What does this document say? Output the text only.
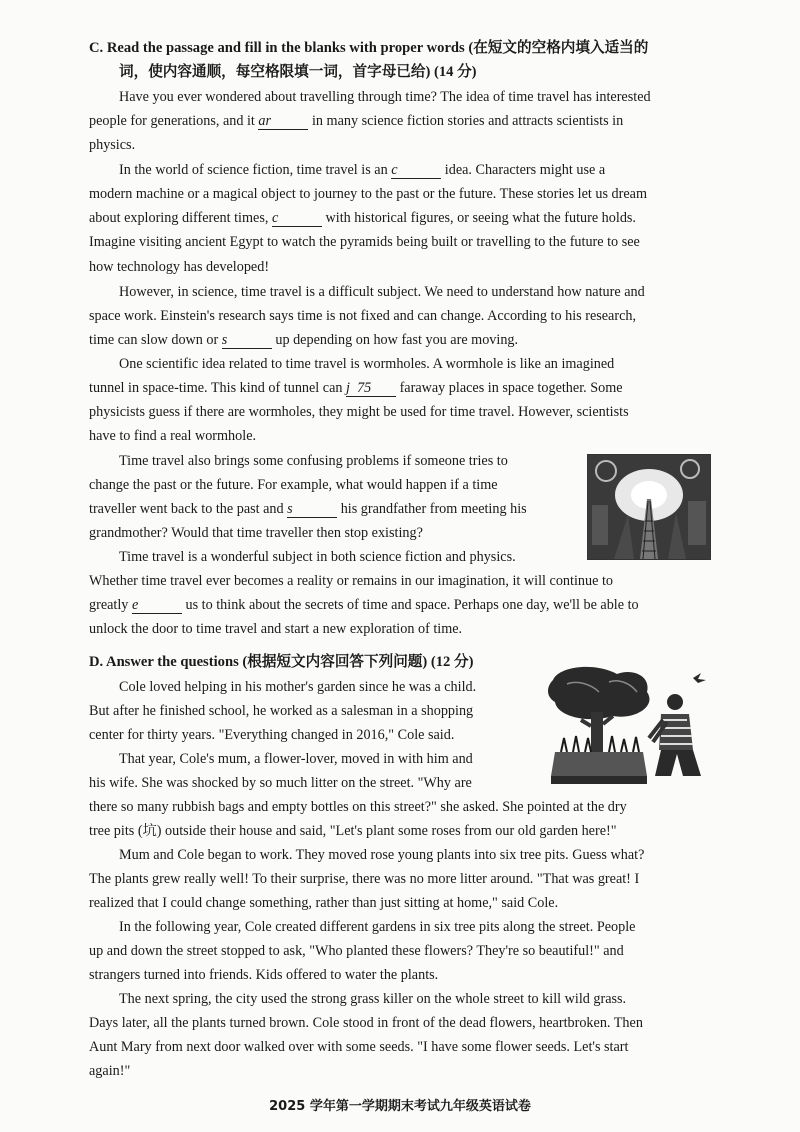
C. Read the passage and fill in the blanks with proper words (在短文的空格内填入适当的
词，使内容通顺，每空格限填一词，首字母已给) (14 分)
Have you ever wondered about travelling through time? The idea of time travel has interested
people for generations, and it ar	in many science fiction stories and attracts scientists in
physics.
In the world of science fiction, time travel is an c	idea. Characters might use a
modern machine or a magical object to journey to the past or the future. These stories let us dream
about exploring different times, c	with historical figures, or seeing what the future holds.
Imagine visiting ancient Egypt to watch the pyramids being built or travelling to the future to see
how technology has developed!
However, in science, time travel is a difficult subject. We need to understand how nature and
space work. Einstein's research says time is not fixed and can change. According to his research,
time can slow down or s	up depending on how fast you are moving.
One scientific idea related to time travel is wormholes. A wormhole is like an imagined
tunnel in space-time. This kind of tunnel can j 75 faraway places in space together. Some
physicists guess if there are wormholes, they might be used for time travel. However, scientists
have to find a real wormhole.
Time travel also brings some confusing problems if someone tries to
change the past or the future. For example, what would happen if a time
traveller went back to the past and s	his grandfather from meeting his
grandmother? Would that time traveller then stop existing?
Time travel is a wonderful subject in both science fiction and physics.
Whether time travel ever becomes a reality or remains in our imagination, it will continue to
greatly e	us to think about the secrets of time and space. Perhaps one day, we'll be able to
unlock the door to time travel and start a new exploration of time.
D. Answer the questions (根据短文内容回答下列问题) (12 分)
Cole loved helping in his mother's garden since he was a child.
But after he finished school, he worked as a salesman in a shopping
center for thirty years. "Everything changed in 2016," Cole said.
That year, Cole's mum, a flower-lover, moved in with him and
his wife. She was shocked by so much litter on the street. "Why are
there so many rubbish bags and empty bottles on this street?" she asked. She pointed at the dry
tree pits (坑) outside their house and said, "Let's plant some roses from our old garden here!"
Mum and Cole began to work. They moved rose young plants into six tree pits. Guess what?
The plants grew really well! To their surprise, there was no more litter around. "That was great! I
realized that I could change something, rather than just sitting at home," said Cole.
In the following year, Cole created different gardens in six tree pits along the street. People
up and down the street stopped to ask, "Who planted these flowers? They're so beautiful!" and
strangers turned into friends. Kids offered to water the plants.
The next spring, the city used the strong grass killer on the whole street to kill wild grass.
Days later, all the plants turned brown. Cole stood in front of the dead flowers, heartbroken. Then
Aunt Mary from next door walked over with some seeds. "I have some flower seeds. Let's start
again!"
2025 学年第一学期期末考试九年级英语试卷
